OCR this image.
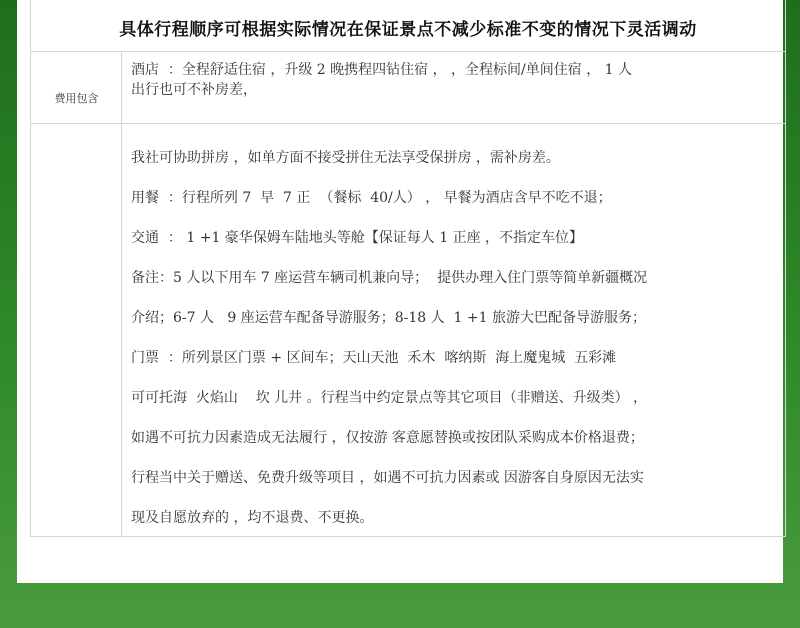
具体行程顺序可根据实际情况在保证景点不减少标准不变的情况下灵活调动
费用包含
酒店  ：全程舒适住宿 ，升级 2 晚携程四钻住宿 ， ，全程标间/单间住宿 ， 1 人
出行也可不补房差，
我社可协助拼房 ，如单方面不接受拼住无法享受保拼房 ，需补房差。
用餐  ：行程所列 7  早  7 正  （餐标  40/人） ， 早餐为酒店含早不吃不退；
交通  ： 1 +1 豪华保姆车陆地头等舱【保证每人 1 正座 ，不指定车位】
备注：5 人以下用车 7 座运营车辆司机兼向导；  提供办理入住门票等简单新疆概况
介绍；6-7 人   9 座运营车配备导游服务；8-18 人  1 +1 旅游大巴配备导游服务；
门票  ：所列景区门票 + 区间车；天山天池  禾木  喀纳斯  海上魔鬼城  五彩滩
可可托海  火焰山    坎 儿井 。行程当中约定景点等其它项目（非赠送、升级类） ，
如遇不可抗力因素造成无法履行 ，仅按游 客意愿替换或按团队采购成本价格退费；
行程当中关于赠送、免费升级等项目 ，如遇不可抗力因素或 因游客自身原因无法实
现及自愿放弃的 ，均不退费、不更换。
